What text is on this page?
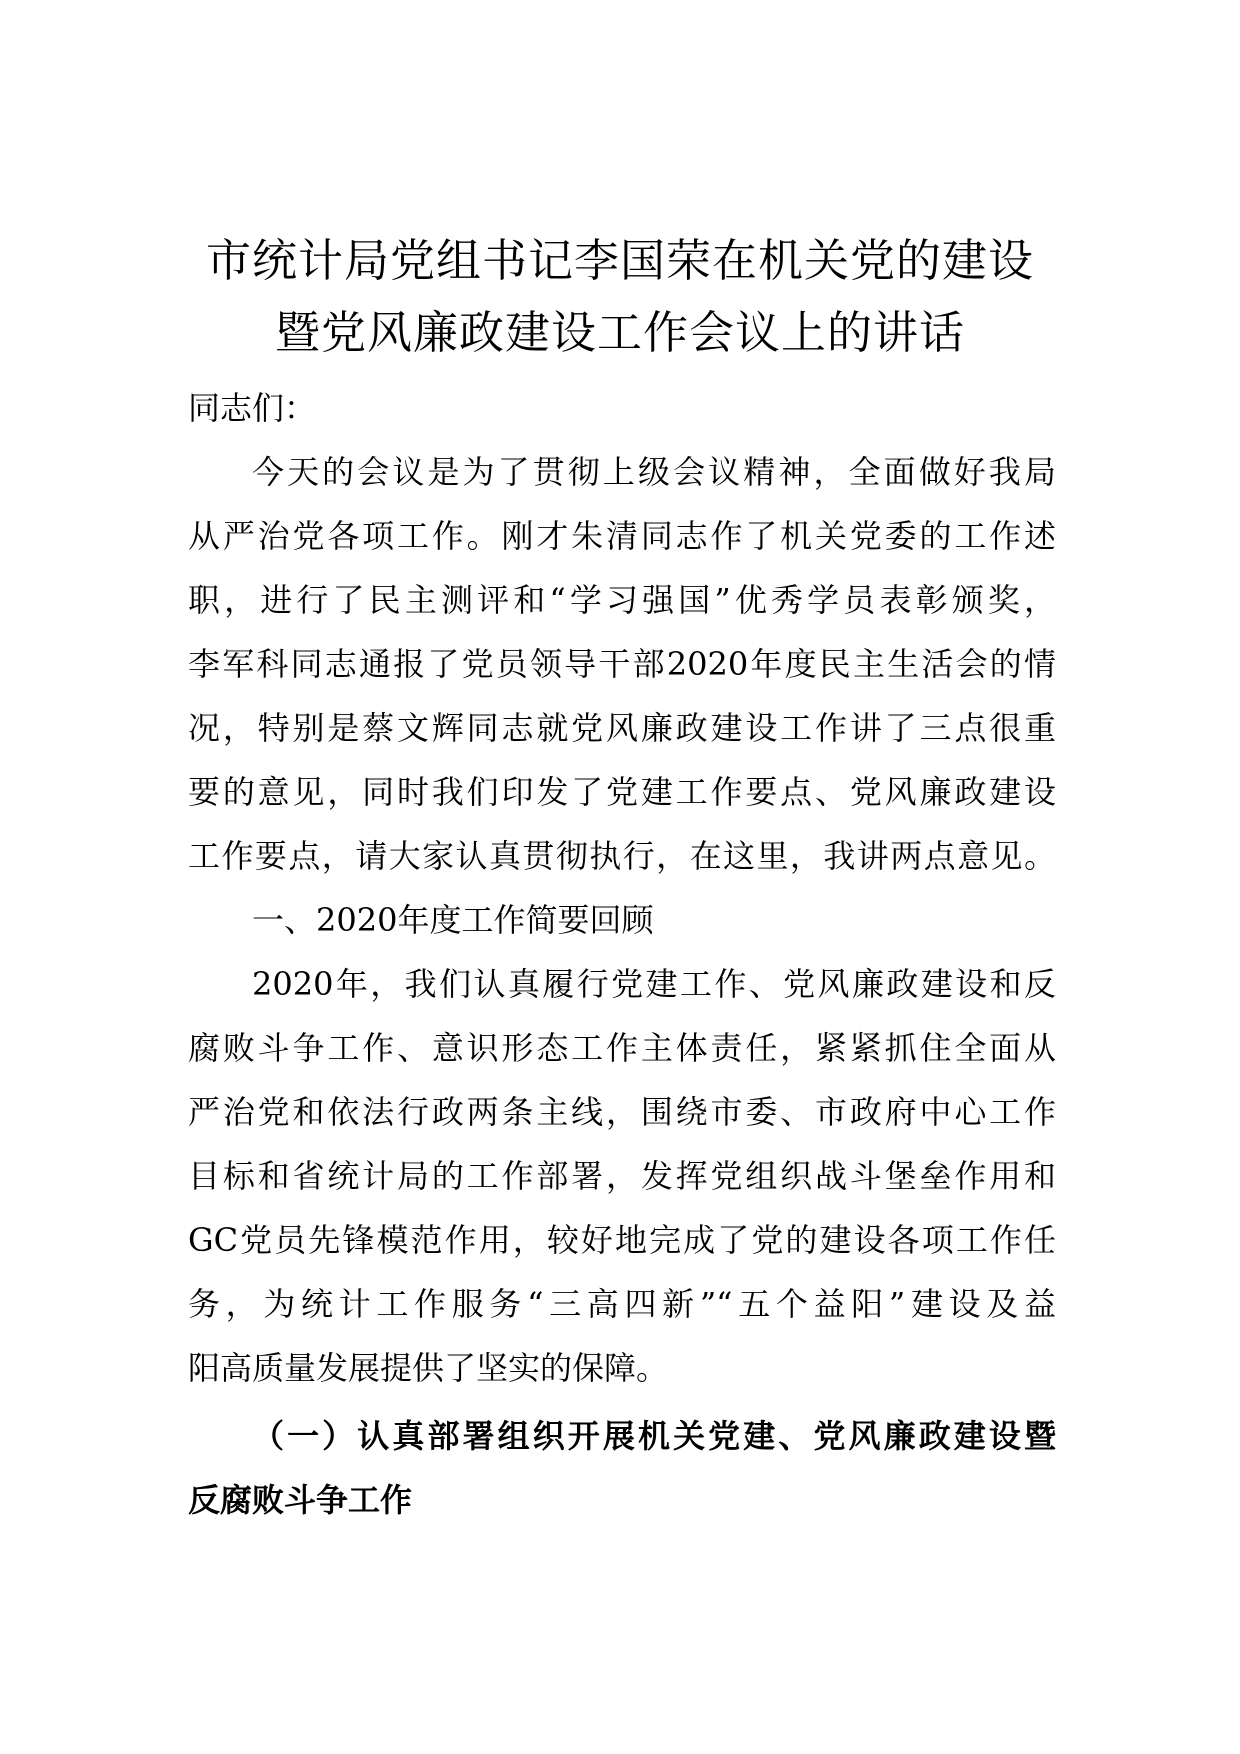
市统计局党组书记李国荣在机关党的建设
暨党风廉政建设工作会议上的讲话
同志们：
今天的会议是为了贯彻上级会议精神，全面做好我局
从严治党各项工作。刚才朱清同志作了机关党委的工作述
职，进行了民主测评和“学习强国”优秀学员表彰颁奖，
李军科同志通报了党员领导干部2020年度民主生活会的情
况，特别是蔡文辉同志就党风廉政建设工作讲了三点很重
要的意见，同时我们印发了党建工作要点、党风廉政建设
工作要点，请大家认真贯彻执行，在这里，我讲两点意见。
一、2020年度工作简要回顾
2020年，我们认真履行党建工作、党风廉政建设和反
腐败斗争工作、意识形态工作主体责任，紧紧抓住全面从
严治党和依法行政两条主线，围绕市委、市政府中心工作
目标和省统计局的工作部署，发挥党组织战斗堡垒作用和
GC党员先锋模范作用，较好地完成了党的建设各项工作任
务，为统计工作服务“三高四新”“五个益阳”建设及益
阳高质量发展提供了坚实的保障。
（一）认真部署组织开展机关党建、党风廉政建设暨
反腐败斗争工作
